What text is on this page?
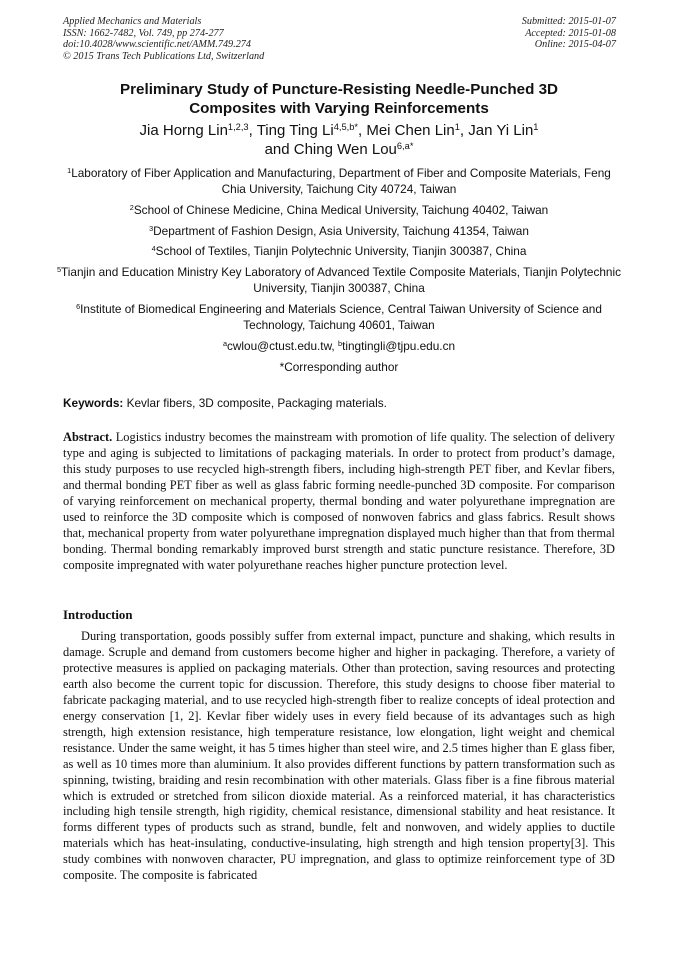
Applied Mechanics and Materials
ISSN: 1662-7482, Vol. 749, pp 274-277
doi:10.4028/www.scientific.net/AMM.749.274
© 2015 Trans Tech Publications Ltd, Switzerland
Submitted: 2015-01-07
Accepted: 2015-01-08
Online: 2015-04-07
Preliminary Study of Puncture-Resisting Needle-Punched 3D
Composites with Varying Reinforcements
Jia Horng Lin$^{1,2,3}$, Ting Ting $Li^{4,5,b*}$, Mei Chen Lin$^1$, Jan Yi Lin$^1$
and Ching Wen Lou$^{6,a*}$
$^1$Laboratory of Fiber Application and Manufacturing, Department of Fiber and Composite Materials, Feng Chia University, Taichung City 40724, Taiwan
$^2$School of Chinese Medicine, China Medical University, Taichung 40402, Taiwan
$^3$Department of Fashion Design, Asia University, Taichung 41354, Taiwan
$^4$School of Textiles, Tianjin Polytechnic University, Tianjin 300387, China
$^5$Tianjin and Education Ministry Key Laboratory of Advanced Textile Composite Materials, Tianjin Polytechnic University, Tianjin 300387, China
$^6$Institute of Biomedical Engineering and Materials Science, Central Taiwan University of Science and Technology, Taichung 40601, Taiwan
$^a$cwlou@ctust.edu.tw, $^b$tingtingli@tjpu.edu.cn
*Corresponding author
Keywords: Kevlar fibers, 3D composite, Packaging materials.
Abstract. Logistics industry becomes the mainstream with promotion of life quality. The selection of delivery type and aging is subjected to limitations of packaging materials. In order to protect from product’s damage, this study purposes to use recycled high-strength fibers, including high-strength PET fiber, and Kevlar fibers, and thermal bonding PET fiber as well as glass fabric forming needle-punched 3D composite. For comparison of varying reinforcement on mechanical property, thermal bonding and water polyurethane impregnation are used to reinforce the 3D composite which is composed of nonwoven fabrics and glass fabrics. Result shows that, mechanical property from water polyurethane impregnation displayed much higher than that from thermal bonding. Thermal bonding remarkably improved burst strength and static puncture resistance. Therefore, 3D composite impregnated with water polyurethane reaches higher puncture protection level.
Introduction
During transportation, goods possibly suffer from external impact, puncture and shaking, which results in damage. Scruple and demand from customers become higher and higher in packaging. Therefore, a variety of protective measures is applied on packaging materials. Other than protection, saving resources and protecting earth also become the current topic for discussion. Therefore, this study designs to choose fiber material to fabricate packaging material, and to use recycled high-strength fiber to realize concepts of ideal protection and energy conservation [1, 2]. Kevlar fiber widely uses in every field because of its advantages such as high strength, high extension resistance, high temperature resistance, low elongation, light weight and chemical resistance. Under the same weight, it has 5 times higher than steel wire, and 2.5 times higher than E glass fiber, as well as 10 times more than aluminium. It also provides different functions by pattern transformation such as spinning, twisting, braiding and resin recombination with other materials. Glass fiber is a fine fibrous material which is extruded or stretched from silicon dioxide material. As a reinforced material, it has characteristics including high tensile strength, high rigidity, chemical resistance, dimensional stability and heat resistance. It forms different types of products such as strand, bundle, felt and nonwoven, and widely applies to ductile materials which has heat-insulating, conductive-insulating, high strength and high tension property[3]. This study combines with nonwoven character, PU impregnation, and glass to optimize reinforcement type of 3D composite. The composite is fabricated
